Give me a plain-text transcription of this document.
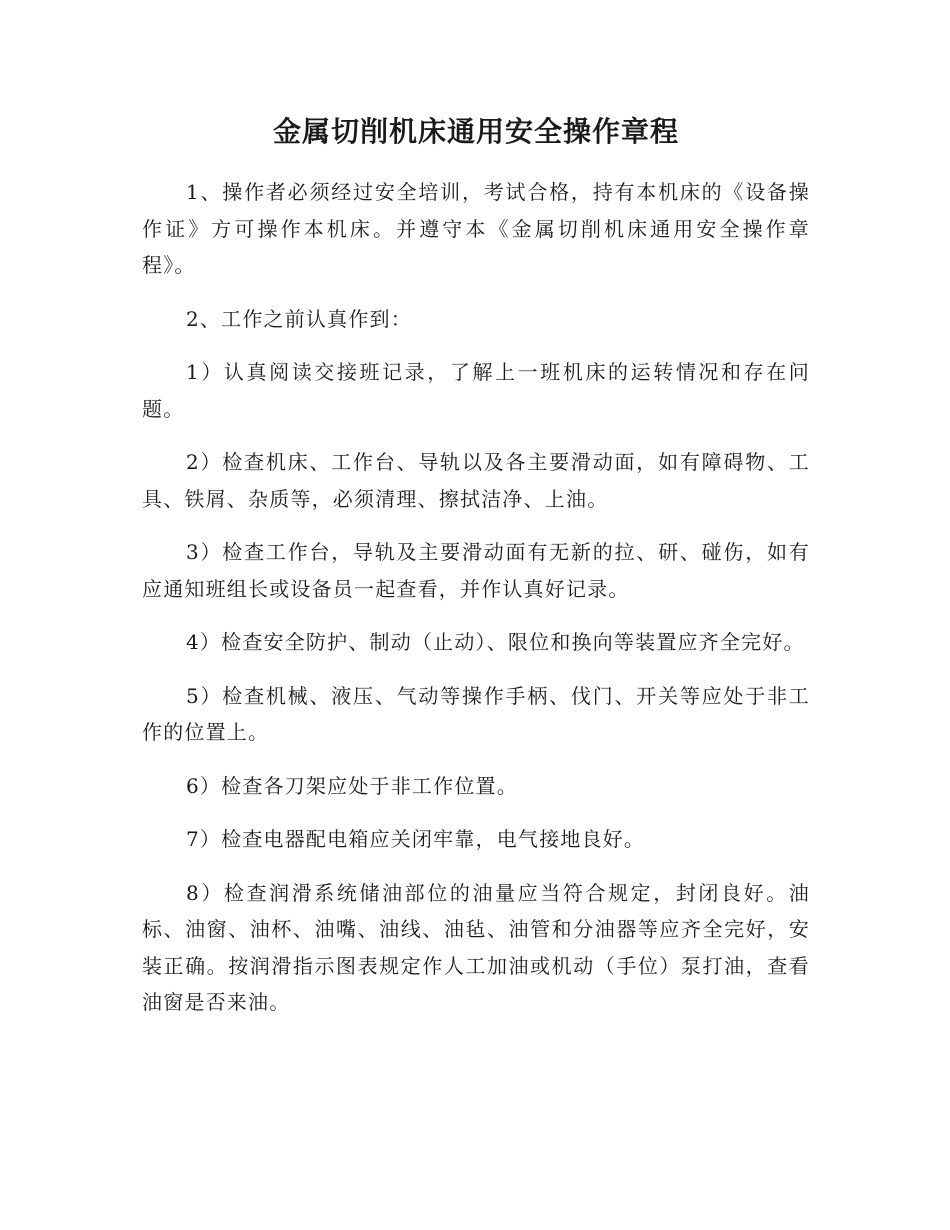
金属切削机床通用安全操作章程

1、操作者必须经过安全培训，考试合格，持有本机床的《设备操作证》方可操作本机床。并遵守本《金属切削机床通用安全操作章程》。

2、工作之前认真作到：

1）认真阅读交接班记录，了解上一班机床的运转情况和存在问题。

2）检查机床、工作台、导轨以及各主要滑动面，如有障碍物、工具、铁屑、杂质等，必须清理、擦拭洁净、上油。

3）检查工作台，导轨及主要滑动面有无新的拉、研、碰伤，如有应通知班组长或设备员一起查看，并作认真好记录。

4）检查安全防护、制动（止动）、限位和换向等装置应齐全完好。

5）检查机械、液压、气动等操作手柄、伐门、开关等应处于非工作的位置上。

6）检查各刀架应处于非工作位置。

7）检查电器配电箱应关闭牢靠，电气接地良好。

8）检查润滑系统储油部位的油量应当符合规定，封闭良好。油标、油窗、油杯、油嘴、油线、油毡、油管和分油器等应齐全完好，安装正确。按润滑指示图表规定作人工加油或机动（手位）泵打油，查看油窗是否来油。
